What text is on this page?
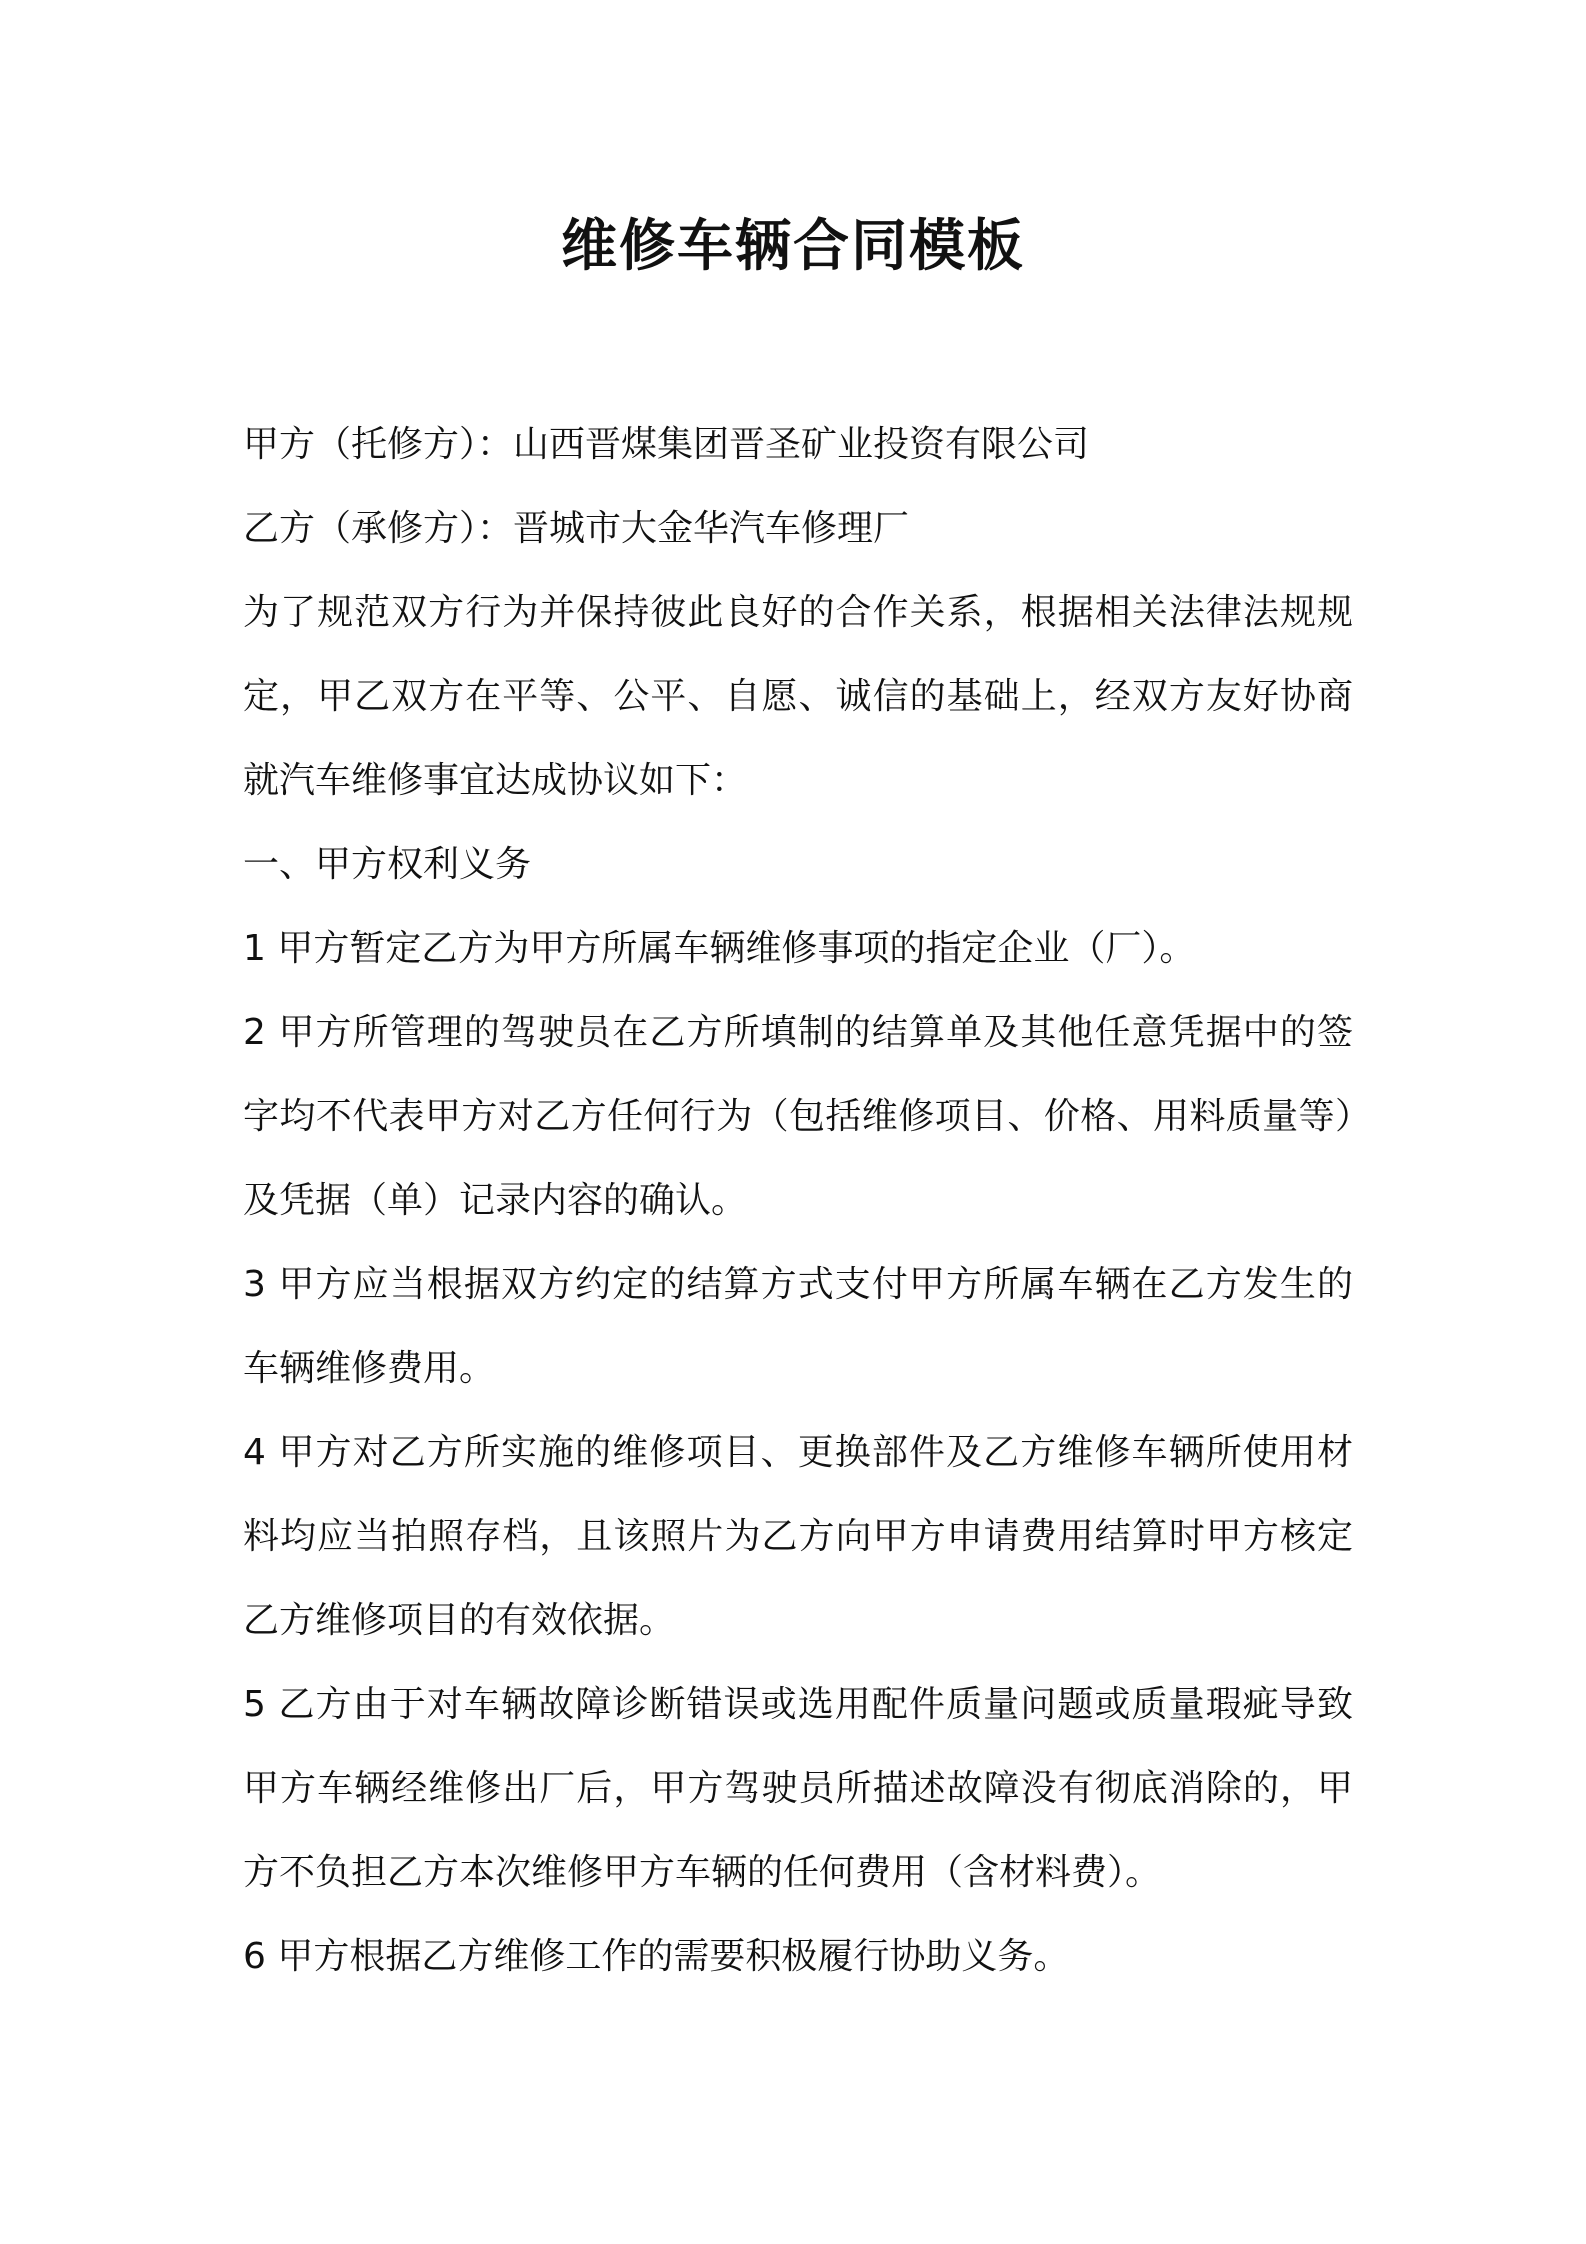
维修车辆合同模板

甲方（托修方）：山西晋煤集团晋圣矿业投资有限公司

乙方（承修方）：晋城市大金华汽车修理厂

为了规范双方行为并保持彼此良好的合作关系，根据相关法律法规规定，甲乙双方在平等、公平、自愿、诚信的基础上，经双方友好协商就汽车维修事宜达成协议如下：

一、甲方权利义务

1 甲方暂定乙方为甲方所属车辆维修事项的指定企业（厂）。

2 甲方所管理的驾驶员在乙方所填制的结算单及其他任意凭据中的签字均不代表甲方对乙方任何行为（包括维修项目、价格、用料质量等）及凭据（单）记录内容的确认。

3 甲方应当根据双方约定的结算方式支付甲方所属车辆在乙方发生的车辆维修费用。

4 甲方对乙方所实施的维修项目、更换部件及乙方维修车辆所使用材料均应当拍照存档，且该照片为乙方向甲方申请费用结算时甲方核定乙方维修项目的有效依据。

5 乙方由于对车辆故障诊断错误或选用配件质量问题或质量瑕疵导致甲方车辆经维修出厂后，甲方驾驶员所描述故障没有彻底消除的，甲方不负担乙方本次维修甲方车辆的任何费用（含材料费）。

6 甲方根据乙方维修工作的需要积极履行协助义务。
